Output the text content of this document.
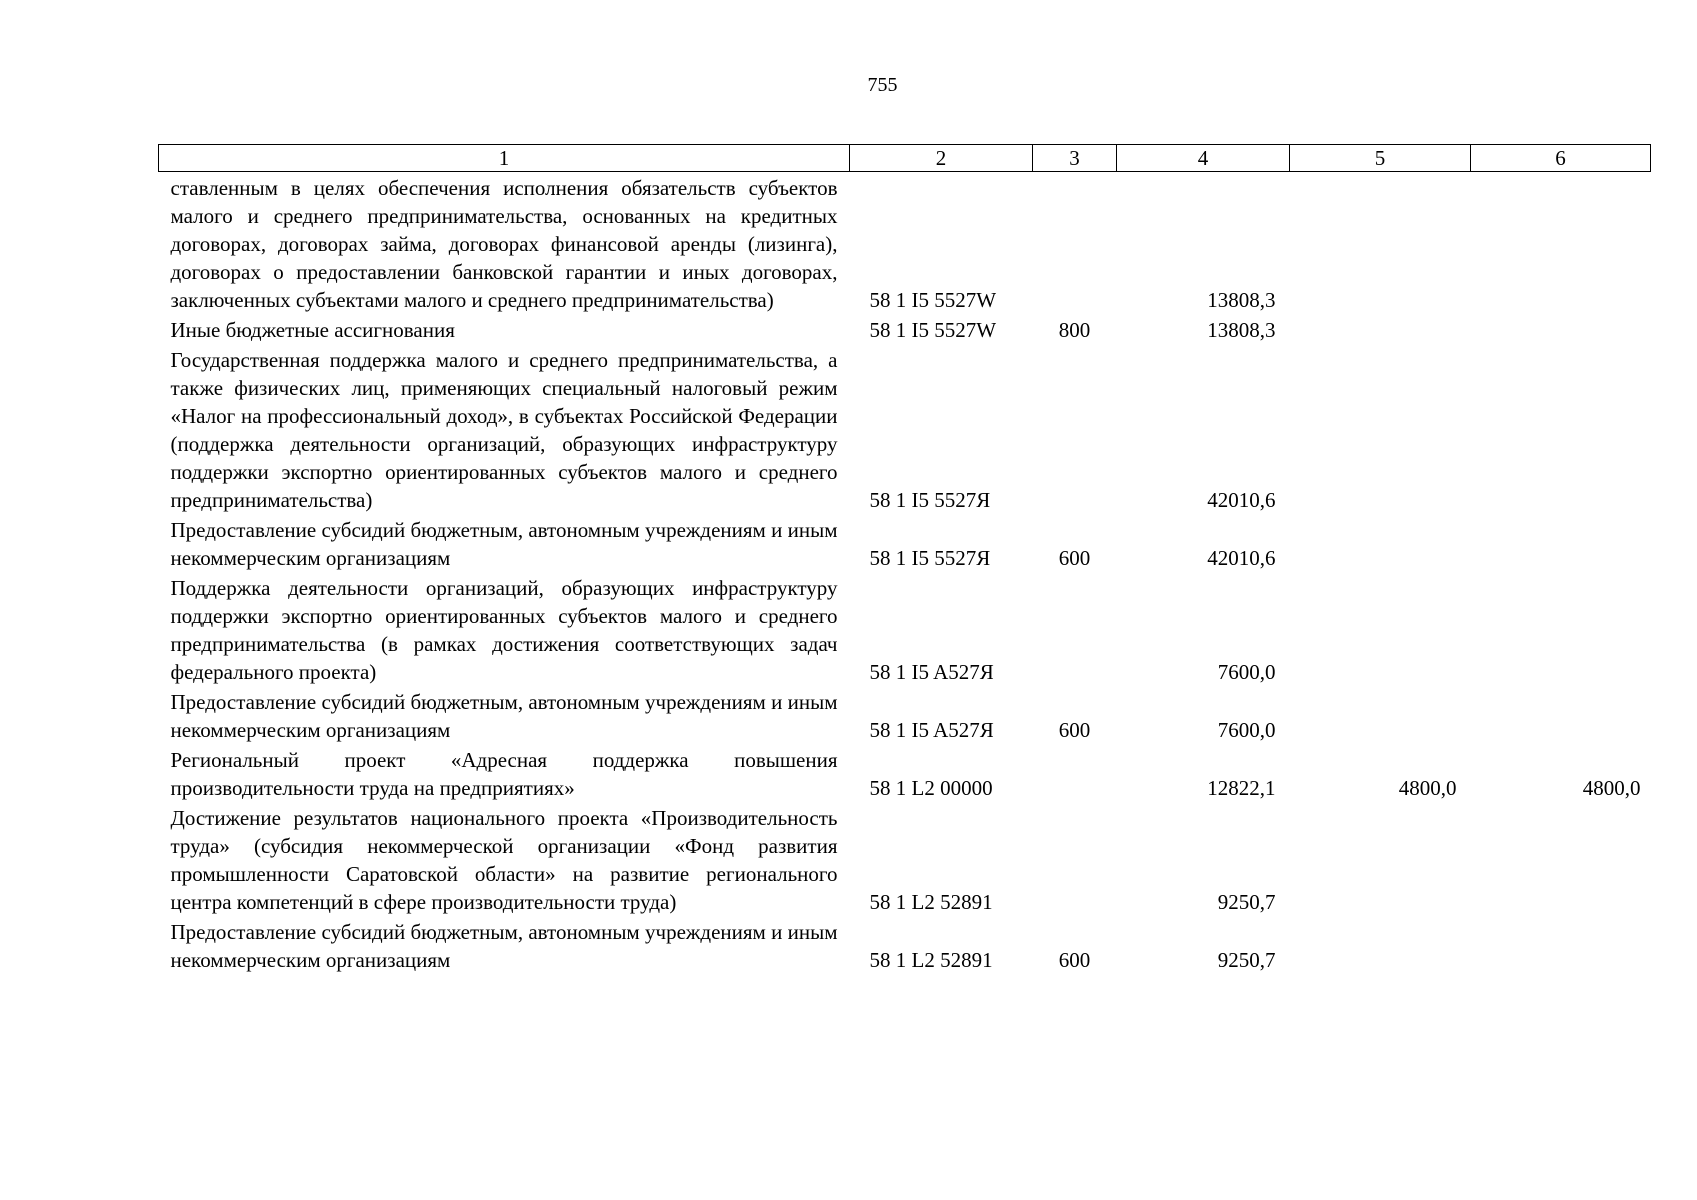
755
1	2	3	4	5	6
ставленным в целях обеспечения исполнения обязательств субъектов малого и среднего предпринимательства, основанных на кредитных договорах, договорах займа, договорах финансовой аренды (лизинга), договорах о предоставлении банковской гарантии и иных договорах, заключенных субъектами малого и среднего предпринимательства)	58 1 I5 5527W		13808,3		
Иные бюджетные ассигнования	58 1 I5 5527W	800	13808,3		
Государственная поддержка малого и среднего предпринимательства, а также физических лиц, применяющих специальный налоговый режим «Налог на профессиональный доход», в субъектах Российской Федерации (поддержка деятельности организаций, образующих инфраструктуру поддержки экспортно ориентированных субъектов малого и среднего предпринимательства)	58 1 I5 5527Я		42010,6		
Предоставление субсидий бюджетным, автономным учреждениям и иным некоммерческим организациям	58 1 I5 5527Я	600	42010,6		
Поддержка деятельности организаций, образующих инфраструктуру поддержки экспортно ориентированных субъектов малого и среднего предпринимательства (в рамках достижения соответствующих задач федерального проекта)	58 1 I5 A527Я		7600,0		
Предоставление субсидий бюджетным, автономным учреждениям и иным некоммерческим организациям	58 1 I5 A527Я	600	7600,0		
Региональный проект «Адресная поддержка повышения производительности труда на предприятиях»	58 1 L2 00000		12822,1	4800,0	4800,0
Достижение результатов национального проекта «Производительность труда» (субсидия некоммерческой организации «Фонд развития промышленности Саратовской области» на развитие регионального центра компетенций в сфере производительности труда)	58 1 L2 52891		9250,7		
Предоставление субсидий бюджетным, автономным учреждениям и иным некоммерческим организациям	58 1 L2 52891	600	9250,7		
